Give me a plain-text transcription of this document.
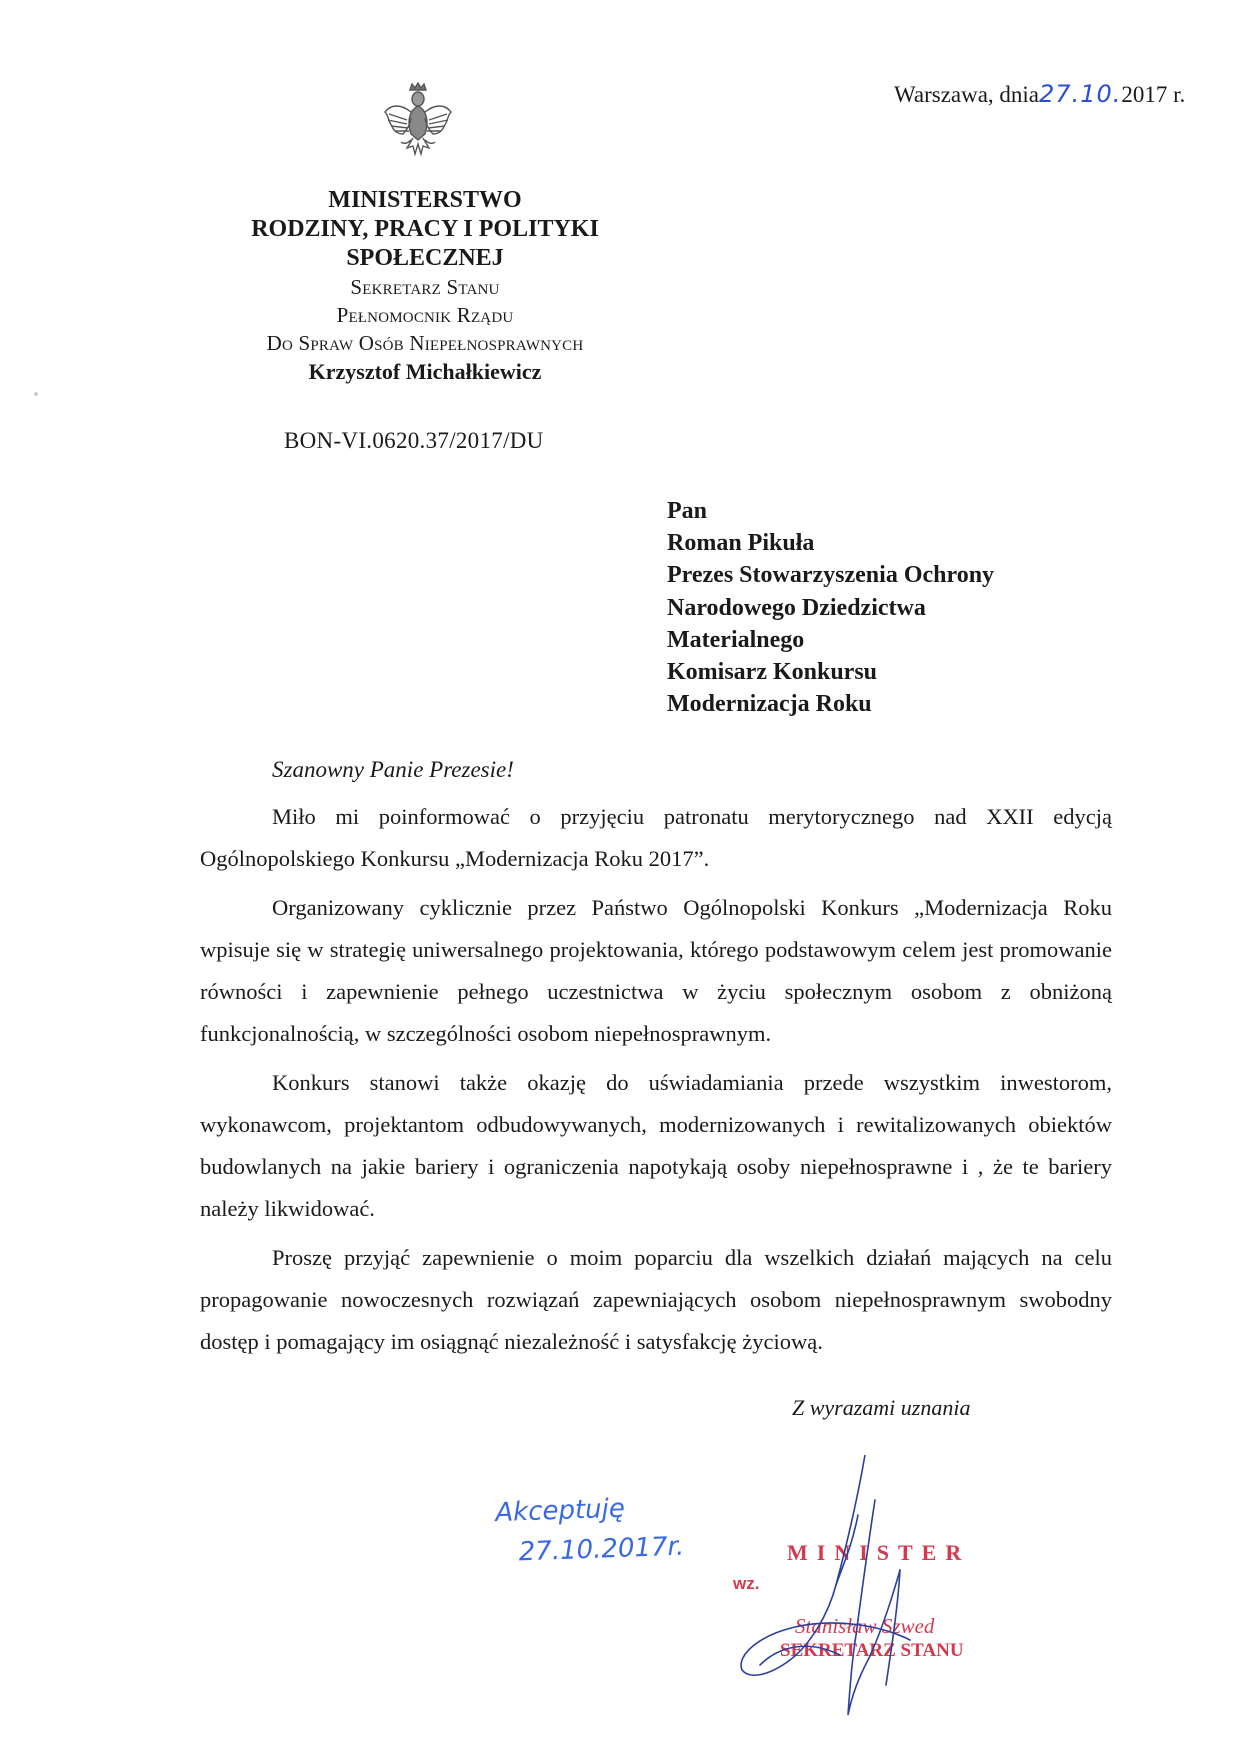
Warszawa, dnia27.10.2017 r.
MINISTERSTWO
RODZINY, PRACY I POLITYKI
SPOŁECZNEJ
Sekretarz Stanu
Pełnomocnik Rządu
Do Spraw Osób Niepełnosprawnych
Krzysztof Michałkiewicz
BON-VI.0620.37/2017/DU
Pan
Roman Pikuła
Prezes Stowarzyszenia Ochrony
Narodowego Dziedzictwa
Materialnego
Komisarz Konkursu
Modernizacja Roku
Szanowny Panie Prezesie!

Miło mi poinformować o przyjęciu patronatu merytorycznego nad XXII edycją Ogólnopolskiego Konkursu „Modernizacja Roku 2017”.

Organizowany cyklicznie przez Państwo Ogólnopolski Konkurs „Modernizacja Roku wpisuje się w strategię uniwersalnego projektowania, którego podstawowym celem jest promowanie równości i zapewnienie pełnego uczestnictwa w życiu społecznym osobom z obniżoną funkcjonalnością, w szczególności osobom niepełnosprawnym.

Konkurs stanowi także okazję do uświadamiania przede wszystkim inwestorom, wykonawcom, projektantom odbudowywanych, modernizowanych i rewitalizowanych obiektów budowlanych na jakie bariery i ograniczenia napotykają osoby niepełnosprawne i , że te bariery należy likwidować.

Proszę przyjąć zapewnienie o moim poparciu dla wszelkich działań mających na celu propagowanie nowoczesnych rozwiązań zapewniających osobom niepełnosprawnym swobodny dostęp i pomagający im osiągnąć niezależność i satysfakcję życiową.

Z wyrazami uznania
Akceptuję
27.10.2017r.
wz.
MINISTER
Stanisław Szwed
SEKRETARZ STANU
